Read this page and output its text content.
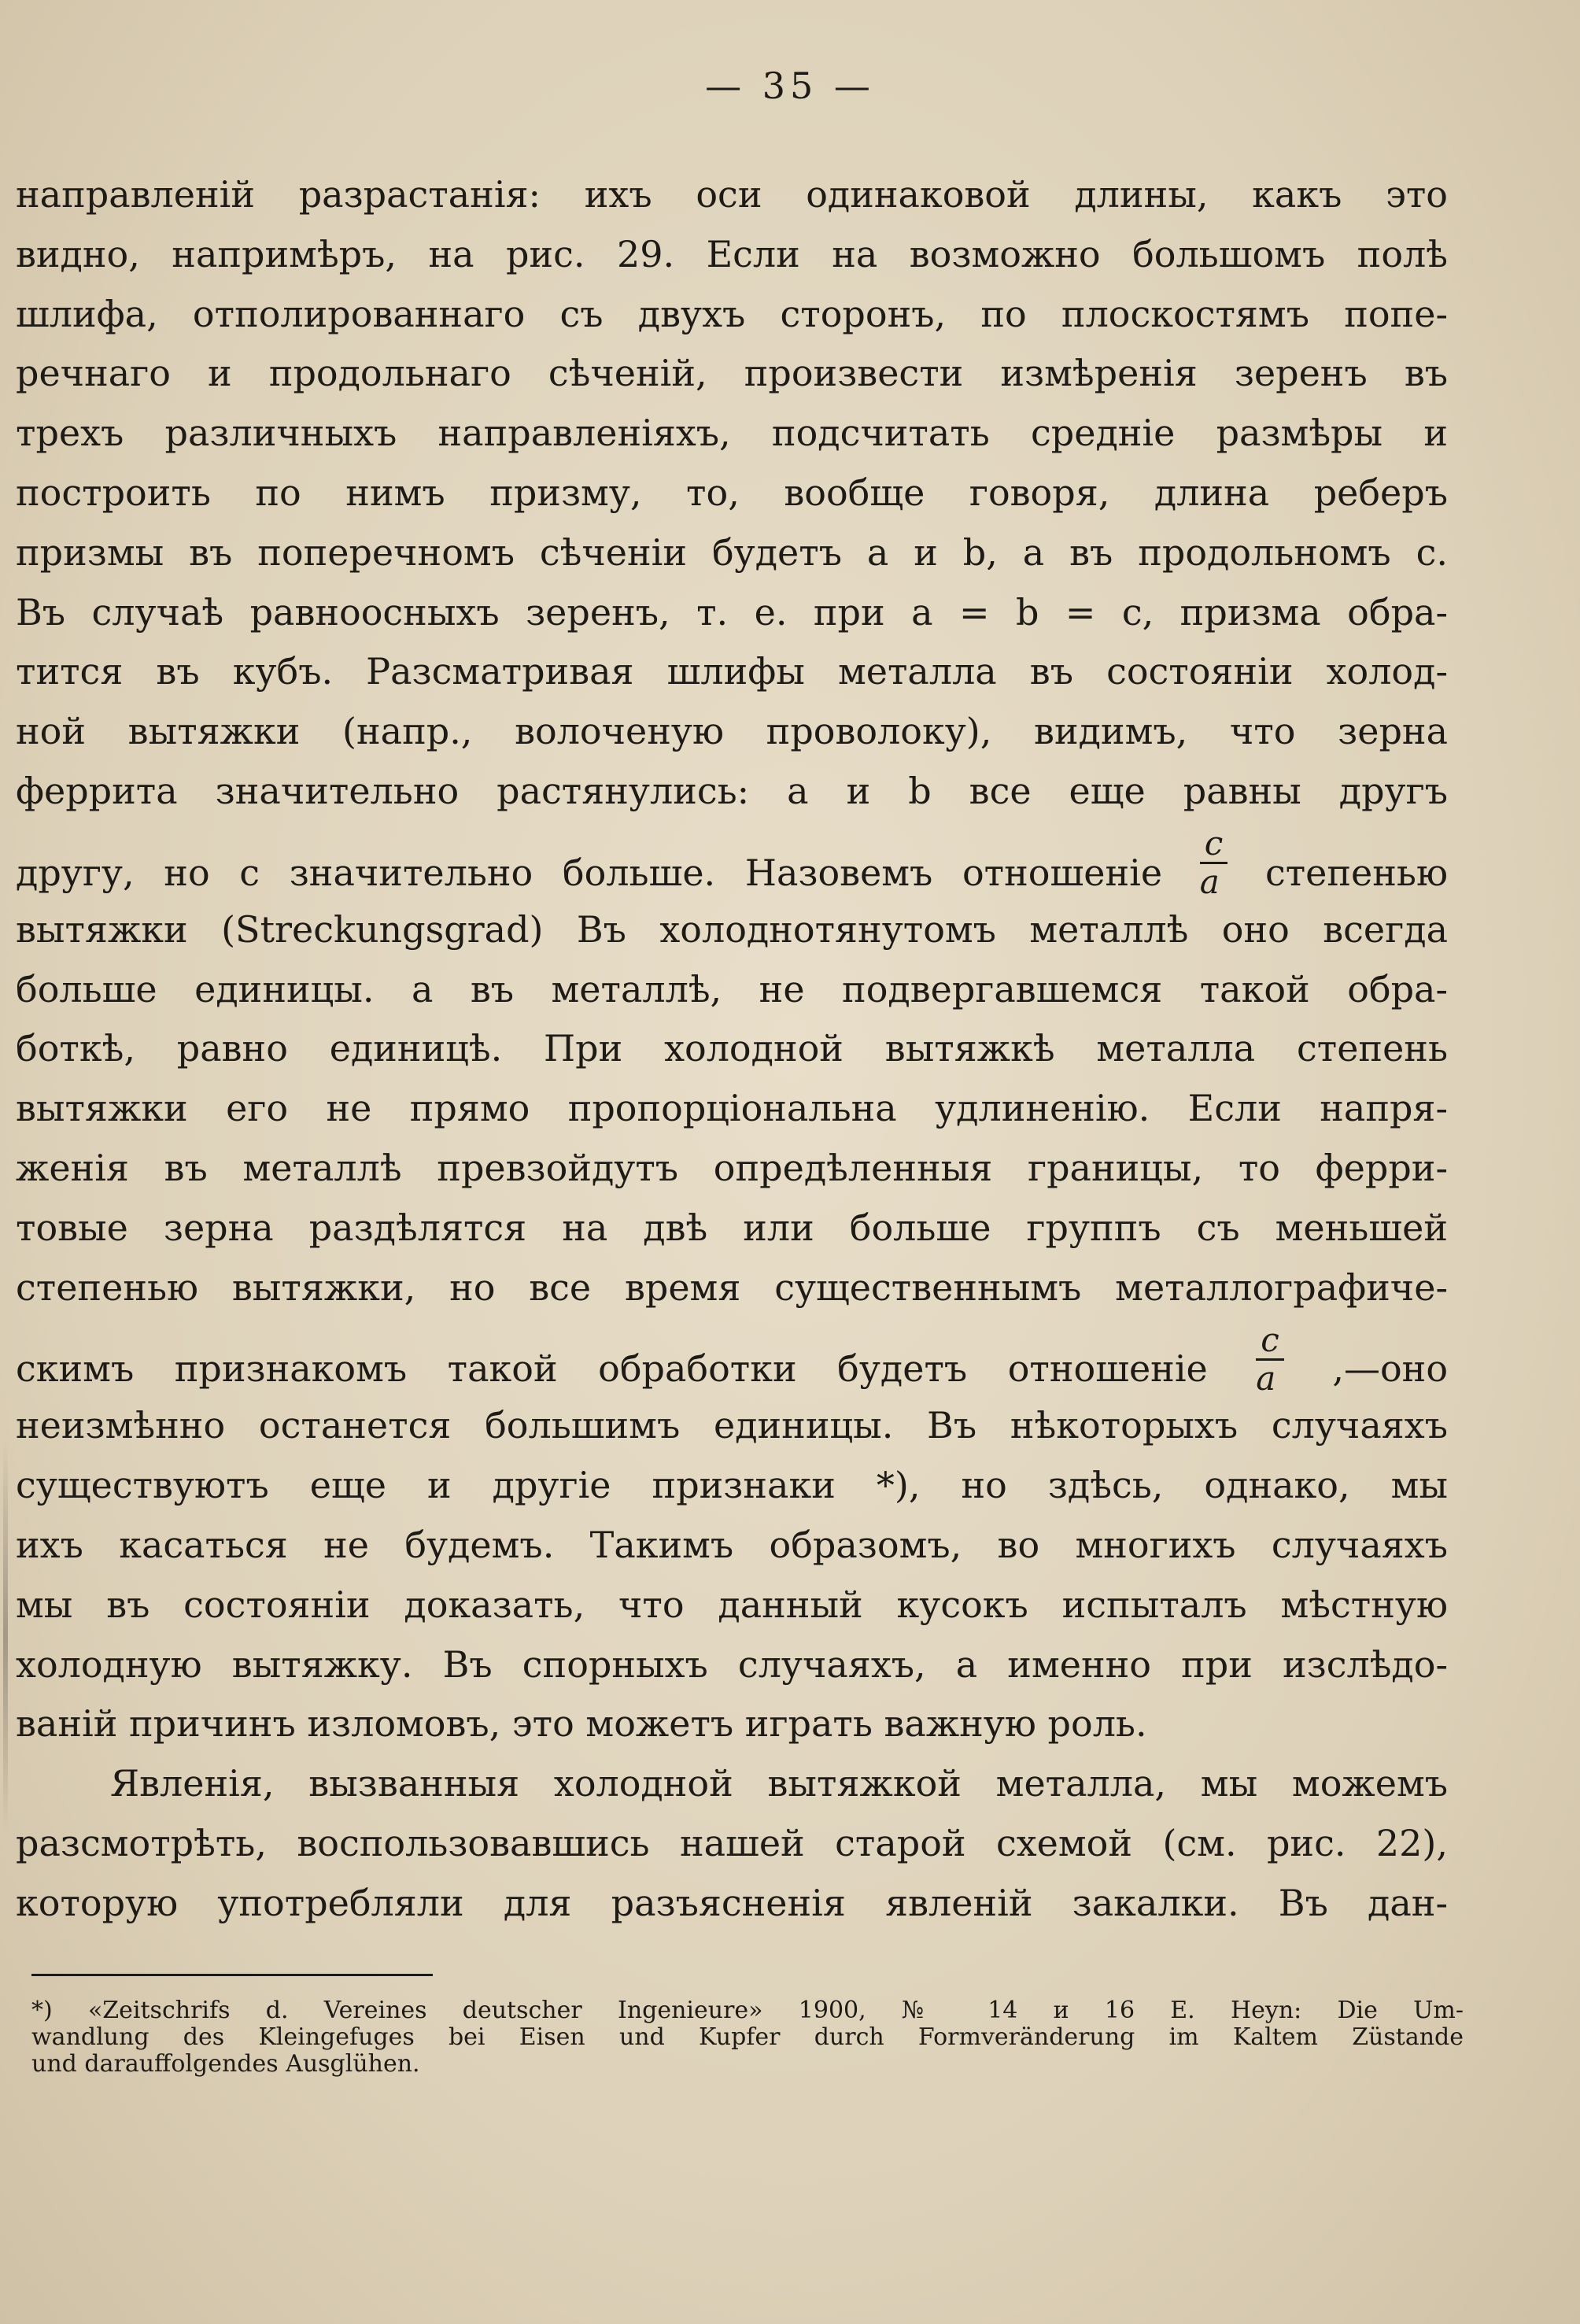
— 35 —
направленій разрастанія: ихъ оси одинаковой длины, какъ это
видно, напримѣръ, на рис. 29. Если на возможно большомъ полѣ
шлифа, отполированнаго съ двухъ сторонъ, по плоскостямъ попе-
речнаго и продольнаго сѣченій, произвести измѣренія зеренъ въ
трехъ различныхъ направленіяхъ, подсчитать средніе размѣры и
построить по нимъ призму, то, вообще говоря, длина реберъ
призмы въ поперечномъ сѣченіи будетъ a и b, а въ продольномъ c.
Въ случаѣ равноосныхъ зеренъ, т. е. при a = b = c, призма обра-
тится въ кубъ. Разсматривая шлифы металла въ состояніи холод-
ной вытяжки (напр., волоченую проволоку), видимъ, что зерна
феррита значительно растянулись: a и b все еще равны другъ
другу, но c значительно больше. Назовемъ отношеніе $\frac{c}{a}$ степенью
вытяжки (Streckungsgrad) Въ холоднотянутомъ металлѣ оно всегда
больше единицы. а въ металлѣ, не подвергавшемся такой обра-
боткѣ, равно единицѣ. При холодной вытяжкѣ металла степень
вытяжки его не прямо пропорціональна удлиненію. Если напря-
женія въ металлѣ превзойдутъ опредѣленныя границы, то ферри-
товые зерна раздѣлятся на двѣ или больше группъ съ меньшей
степенью вытяжки, но все время существеннымъ металлографиче-
скимъ признакомъ такой обработки будетъ отношеніе $\frac{c}{a}$ ,—оно
неизмѣнно останется большимъ единицы. Въ нѣкоторыхъ случаяхъ
существуютъ еще и другіе признаки *), но здѣсь, однако, мы
ихъ касаться не будемъ. Такимъ образомъ, во многихъ случаяхъ
мы въ состояніи доказать, что данный кусокъ испыталъ мѣстную
холодную вытяжку. Въ спорныхъ случаяхъ, а именно при изслѣдо-
ваній причинъ изломовъ, это можетъ играть важную роль.
Явленія, вызванныя холодной вытяжкой металла, мы можемъ
разсмотрѣть, воспользовавшись нашей старой схемой (см. рис. 22),
которую употребляли для разъясненія явленій закалки. Въ дан-
*) «Zeitschrifs d. Vereines deutscher Ingenieure» 1900, № 14 и 16 E. Heyn: Die Um-
wandlung des Kleingefuges bei Eisen und Kupfer durch Formveränderung im Kaltem Züstande
und darauffolgendes Ausglühen.
